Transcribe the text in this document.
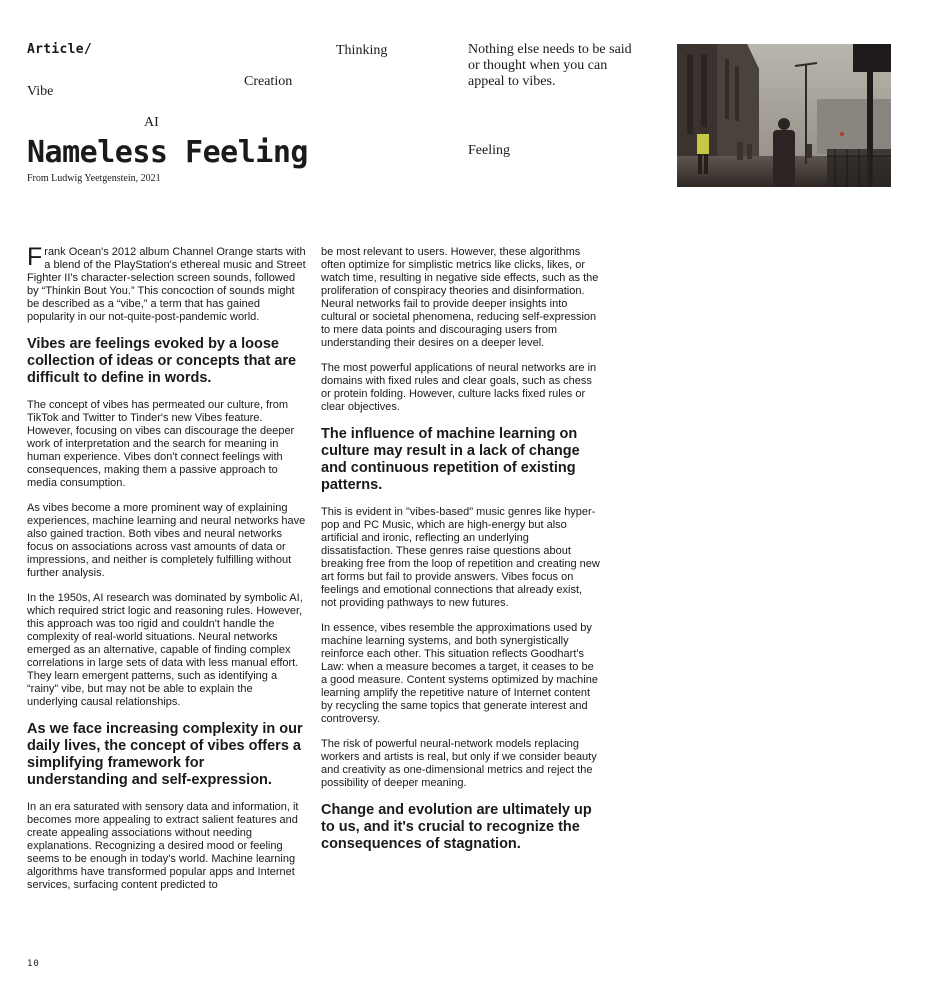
Article/	Thinking
Creation
Vibe
AI
Feeling
Nothing else needs to be said or thought when you can appeal to vibes.
Nameless Feeling
From Ludwig Yeetgenstein, 2021

Frank Ocean's 2012 album Channel Orange starts with a blend of the PlayStation's ethereal music and Street Fighter II's character-selection screen sounds, followed by “Thinkin Bout You.” This concoction of sounds might be described as a “vibe,” a term that has gained popularity in our not-quite-post-pandemic world.

Vibes are feelings evoked by a loose collection of ideas or concepts that are difficult to define in words.

The concept of vibes has permeated our culture, from TikTok and Twitter to Tinder's new Vibes feature. However, focusing on vibes can discourage the deeper work of interpretation and the search for meaning in human experience. Vibes don't connect feelings with consequences, making them a passive approach to media consumption.

As vibes become a more prominent way of explaining experiences, machine learning and neural networks have also gained traction. Both vibes and neural networks focus on associations across vast amounts of data or impressions, and neither is completely fulfilling without further analysis.

In the 1950s, AI research was dominated by symbolic AI, which required strict logic and reasoning rules. However, this approach was too rigid and couldn't handle the complexity of real-world situations. Neural networks emerged as an alternative, capable of finding complex correlations in large sets of data with less manual effort. They learn emergent patterns, such as identifying a “rainy” vibe, but may not be able to explain the underlying causal relationships.

As we face increasing complexity in our daily lives, the concept of vibes offers a simplifying framework for understanding and self-expression.

In an era saturated with sensory data and information, it becomes more appealing to extract salient features and create appealing associations without needing explanations. Recognizing a desired mood or feeling seems to be enough in today's world. Machine learning algorithms have transformed popular apps and Internet services, surfacing content predicted to

be most relevant to users. However, these algorithms often optimize for simplistic metrics like clicks, likes, or watch time, resulting in negative side effects, such as the proliferation of conspiracy theories and disinformation. Neural networks fail to provide deeper insights into cultural or societal phenomena, reducing self-expression to mere data points and discouraging users from understanding their desires on a deeper level.

The most powerful applications of neural networks are in domains with fixed rules and clear goals, such as chess or protein folding. However, culture lacks fixed rules or clear objectives.

The influence of machine learning on culture may result in a lack of change and continuous repetition of existing patterns.

This is evident in "vibes-based" music genres like hyper- pop and PC Music, which are high-energy but also artificial and ironic, reflecting an underlying dissatisfaction. These genres raise questions about breaking free from the loop of repetition and creating new art forms but fail to provide answers. Vibes focus on feelings and emotional connections that already exist, not providing pathways to new futures.

In essence, vibes resemble the approximations used by machine learning systems, and both synergistically reinforce each other. This situation reflects Goodhart's Law: when a measure becomes a target, it ceases to be a good measure. Content systems optimized by machine learning amplify the repetitive nature of Internet content by recycling the same topics that generate interest and controversy.

The risk of powerful neural-network models replacing workers and artists is real, but only if we consider beauty and creativity as one-dimensional metrics and reject the possibility of deeper meaning.

Change and evolution are ultimately up to us, and it's crucial to recognize the consequences of stagnation.
10
